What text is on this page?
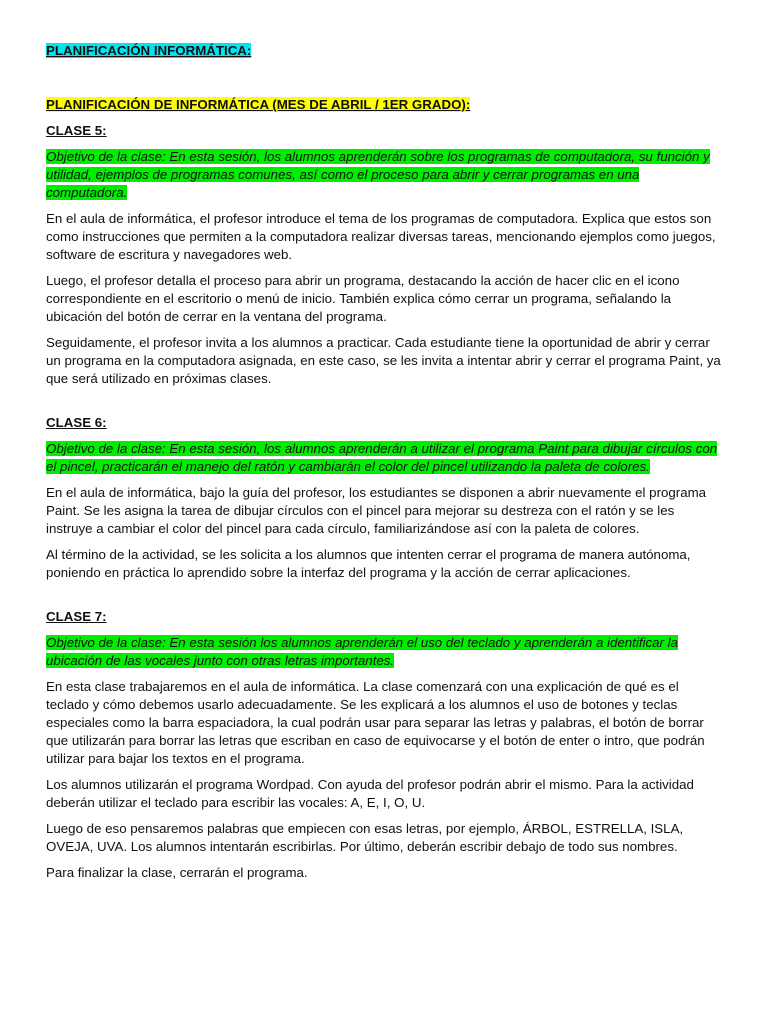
PLANIFICACIÓN INFORMÁTICA:
PLANIFICACIÓN DE INFORMÁTICA (MES DE ABRIL / 1ER GRADO):

CLASE 5:

Objetivo de la clase: En esta sesión, los alumnos aprenderán sobre los programas de computadora, su función y utilidad, ejemplos de programas comunes, así como el proceso para abrir y cerrar programas en una computadora.

En el aula de informática, el profesor introduce el tema de los programas de computadora. Explica que estos son como instrucciones que permiten a la computadora realizar diversas tareas, mencionando ejemplos como juegos, software de escritura y navegadores web.

Luego, el profesor detalla el proceso para abrir un programa, destacando la acción de hacer clic en el icono correspondiente en el escritorio o menú de inicio. También explica cómo cerrar un programa, señalando la ubicación del botón de cerrar en la ventana del programa.

Seguidamente, el profesor invita a los alumnos a practicar. Cada estudiante tiene la oportunidad de abrir y cerrar un programa en la computadora asignada, en este caso, se les invita a intentar abrir y cerrar el programa Paint, ya que será utilizado en próximas clases.

CLASE 6:

Objetivo de la clase: En esta sesión, los alumnos aprenderán a utilizar el programa Paint para dibujar círculos con el pincel, practicarán el manejo del ratón y cambiarán el color del pincel utilizando la paleta de colores.

En el aula de informática, bajo la guía del profesor, los estudiantes se disponen a abrir nuevamente el programa Paint. Se les asigna la tarea de dibujar círculos con el pincel para mejorar su destreza con el ratón y se les instruye a cambiar el color del pincel para cada círculo, familiarizándose así con la paleta de colores.

Al término de la actividad, se les solicita a los alumnos que intenten cerrar el programa de manera autónoma, poniendo en práctica lo aprendido sobre la interfaz del programa y la acción de cerrar aplicaciones.

CLASE 7:

Objetivo de la clase: En esta sesión los alumnos aprenderán el uso del teclado y aprenderán a identificar la ubicación de las vocales junto con otras letras importantes.

En esta clase trabajaremos en el aula de informática. La clase comenzará con una explicación de qué es el teclado y cómo debemos usarlo adecuadamente. Se les explicará a los alumnos el uso de botones y teclas especiales como la barra espaciadora, la cual podrán usar para separar las letras y palabras, el botón de borrar que utilizarán para borrar las letras que escriban en caso de equivocarse y el botón de enter o intro, que podrán utilizar para bajar los textos en el programa.

Los alumnos utilizarán el programa Wordpad. Con ayuda del profesor podrán abrir el mismo. Para la actividad deberán utilizar el teclado para escribir las vocales: A, E, I, O, U.

Luego de eso pensaremos palabras que empiecen con esas letras, por ejemplo, ÁRBOL, ESTRELLA, ISLA, OVEJA, UVA. Los alumnos intentarán escribirlas. Por último, deberán escribir debajo de todo sus nombres.

Para finalizar la clase, cerrarán el programa.
